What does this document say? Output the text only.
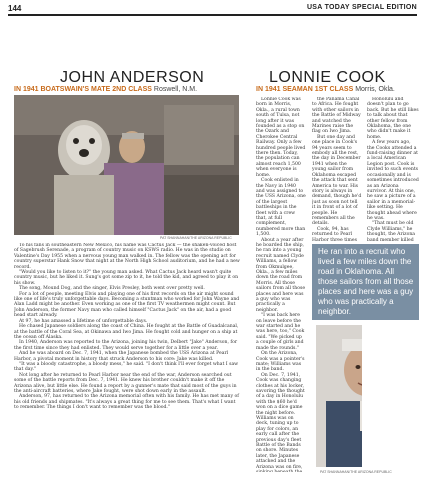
144	USA TODAY SPECIAL EDITION
JOHN ANDERSON
IN 1941 BOATSWAIN'S MATE 2ND CLASS Roswell, N.M.
PAT SHANNAHAN/THE ARIZONA REPUBLIC

To his fans in southeastern New Mexico, his name was Cactus Jack — the shaken-voiced host of Sagebrush Serenade, a program of country music on KSWS radio. He was in the studio on Valentine's Day 1955 when a nervous young man walked in. The fellow was the opening act for country superstar Hank Snow that night at the North High School auditorium, and he had a new record.

"Would you like to listen to it?" the young man asked. What Cactus Jack heard wasn't quite country music, but he liked it. Sung's got some zip to it, he told the kid, and agreed to play it on his show.

The song, Mound Dog, and the singer, Elvis Presley, both went over pretty well.

For a lot of people, meeting Elvis and playing one of his first records on the air might sound like one of life's truly unforgettable days. Becoming a stuntman who worked for John Wayne and Alan Ladd might be another. Even working as one of the first TV weathermen might count. But John Anderson, the former Navy man who called himself "Cactus Jack" on the air, had a good head start already.

At 97, he has amassed a lifetime of unforgettable days.

He chased Japanese soldiers along the coast of China. He fought at the Battle of Guadalcanal, at the battle of the Coral Sea, at Okinawa and Iwo Jima. He fought cold and hunger on a ship at the ocean off Alaska.

In 1940, Anderson was reported to the Arizona, joining his twin, Delbert "Jake" Anderson, for the first time since they had enlisted. They would serve together for a little over a year.

And he was aboard on Dec. 7, 1941, when the Japanese bombed the USS Arizona at Pearl Harbor, a pivotal moment in history that struck Anderson to his core: Jake was killed.

"It was a bloody catastrophe, a bloody mess," he said. "I don't think I'll ever forget what I saw that day."

Not long after he returned to Pearl Harbor near the end of the war, Anderson searched out some of the battle reports from Dec. 7, 1941. He knew his brother couldn't make it off the Arizona alive, but little else. He found a report by a gunner's mate that said most of the guys in the anti-aircraft batteries, where Jake fought, were shot down early in the assault.

Anderson, 97, has returned to the Arizona memorial often with his family. He has met many of his old friends and shipmates. "It's always a great thing for me to see them. That's what I want to remember. The things I don't want to remember was the blood."

LONNIE COOK
IN 1941 SEAMAN 1ST CLASS Morris, Okla.

Lonnie Cook was born in Morris, Okla., a rural town south of Tulsa, not long after it was founded as a stop on the Ozark and Cherokee Central Railway. Only a few hundred people lived there then. Today, the population can almost reach 1,500 when everyone is home.

Cook enlisted in the Navy in 1940 and was assigned to the USS Arizona, one of the largest battleships in the fleet with a crew that, at full complement, numbered more than 1,500.

About a year after he boarded the ship, he ran into a young recruit named Clyde Williams, a fellow from Okmulgee, Okla., a few miles down the road from Morris. All those sailors from all those places and here was a guy who was practically a neighbor.

"I was back here on leave before the war started and he was here, too," Cook said. "We picked up a couple of girls and made the rounds."

On the Arizona, Cook was a pointer's mate; Williams was in the band.

On Dec. 7, 1941, Cook was changing clothes at his locker, savoring the thought of a day in Honolulu with the $60 he'd won on a dice game the night before. Williams was on deck, tuning up to play for colors, an early call after the previous day's fleet Battle of the Bands on shore. Minutes later, the Japanese attacked and the Arizona was on fire,

the Panama Canal to Africa. He fought with other sailors in the Battle of Midway and watched the Marines raise the flag on Iwo Jima.

But one day and one place in Cook's 94 years seem to embody all the rest, the day in December 1941 when the young sailor from Oklahoma escaped the attack that sent America to war. His story is always in demand, though he'd just as soon not tell it in front of a lot of people. He remembers all the details.

Cook, 94, has returned to Pearl Harbor three times

Honolulu and doesn't plan to go back. But he still likes to talk about that other fellow from Oklahoma, the one who didn't make it home.

A few years ago, the Cooks attended a fund-raising dinner at a local American Legion post. Cook is invited to such events occasionally and is sometimes introduced as an Arizona survivor. At this one, he saw a picture of a sailor in a memorial-like setting. He thought ahead where he was.

"That must be old Clyde Williams," he thought, the Arizona band member killed

He ran into a recruit who lived a few miles down the road in Oklahoma. All those sailors from all those places and here was a guy who was practically a neighbor.
PAT SHANNAHAN/THE ARIZONA REPUBLIC
